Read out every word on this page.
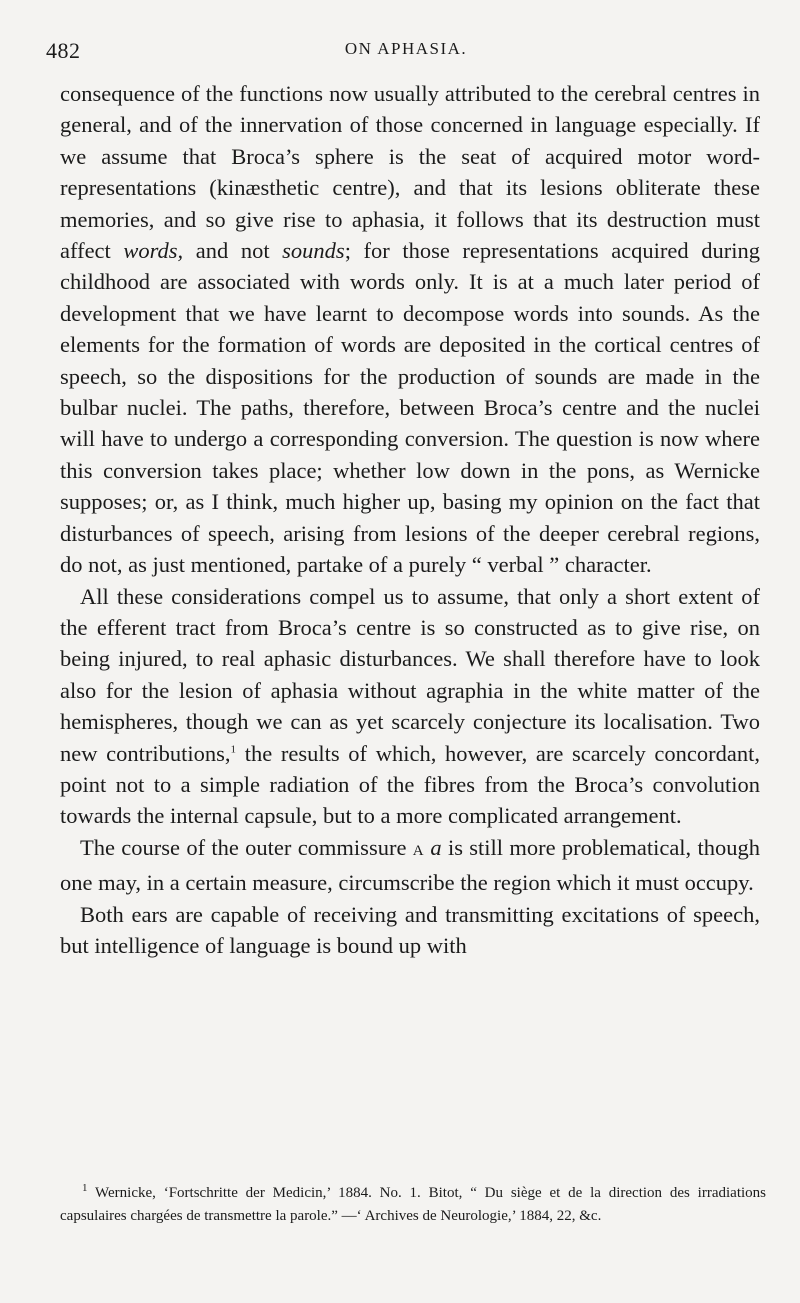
482	ON APHASIA.

consequence of the functions now usually attributed to the cerebral centres in general, and of the innervation of those concerned in language especially. If we assume that Broca’s sphere is the seat of acquired motor word-representations (kinæsthetic centre), and that its lesions obliterate these memories, and so give rise to aphasia, it follows that its destruction must affect words, and not sounds; for those representations acquired during childhood are associated with words only. It is at a much later period of development that we have learnt to decompose words into sounds. As the elements for the formation of words are deposited in the cortical centres of speech, so the dispositions for the production of sounds are made in the bulbar nuclei. The paths, therefore, between Broca’s centre and the nuclei will have to undergo a corresponding conversion. The question is now where this conversion takes place; whether low down in the pons, as Wernicke supposes; or, as I think, much higher up, basing my opinion on the fact that disturbances of speech, arising from lesions of the deeper cerebral regions, do not, as just mentioned, partake of a purely “ verbal ” character.

All these considerations compel us to assume, that only a short extent of the efferent tract from Broca’s centre is so constructed as to give rise, on being injured, to real aphasic disturbances. We shall therefore have to look also for the lesion of aphasia without agraphia in the white matter of the hemispheres, though we can as yet scarcely conjecture its localisation. Two new contributions,$^1$ the results of which, however, are scarcely concordant, point not to a simple radiation of the fibres from the Broca’s convolution towards the internal capsule, but to a more complicated arrangement.

The course of the outer commissure A a is still more problematical, though one may, in a certain measure, circumscribe the region which it must occupy.

Both ears are capable of receiving and transmitting excitations of speech, but intelligence of language is bound up with

$^1$ Wernicke, ‘Fortschritte der Medicin,’ 1884. No. 1. Bitot, “ Du siège et de la direction des irradiations capsulaires chargées de transmettre la parole.” —‘ Archives de Neurologie,’ 1884, 22, &c.
